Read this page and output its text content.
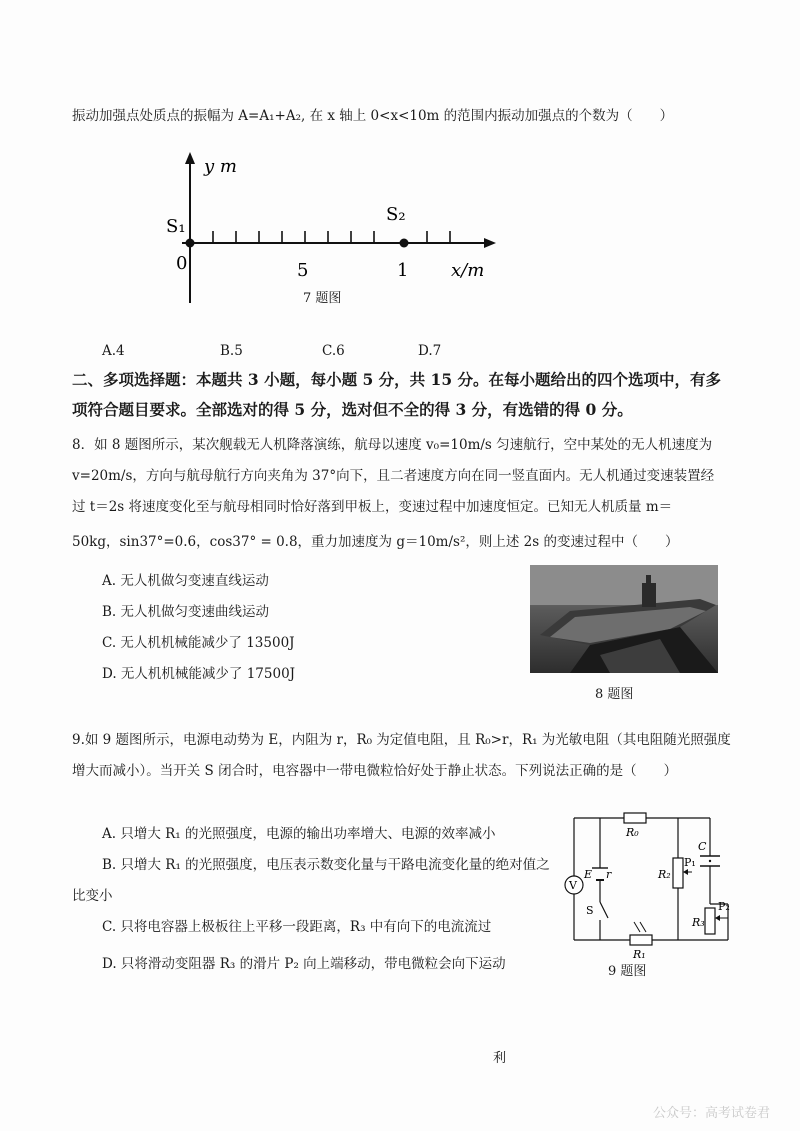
振动加强点处质点的振幅为 A=A₁+A₂, 在 x 轴上 0<x<10m 的范围内振动加强点的个数为（　　）
y m
S₁
S₂
0	5	1 x/m
7 题图
A.4	B.5	C.6	D.7
二、多项选择题：本题共 3 小题，每小题 5 分，共 15 分。在每小题给出的四个选项中，有多
项符合题目要求。全部选对的得 5 分，选对但不全的得 3 分，有选错的得 0 分。
8．如 8 题图所示，某次舰载无人机降落演练，航母以速度 v₀=10m/s 匀速航行，空中某处的无人机速度为
v=20m/s，方向与航母航行方向夹角为 37°向下，且二者速度方向在同一竖直面内。无人机通过变速装置经
过 t＝2s 将速度变化至与航母相同时恰好落到甲板上，变速过程中加速度恒定。已知无人机质量 m＝
50kg，sin37°=0.6，cos37° = 0.8，重力加速度为 g＝10m/s²，则上述 2s 的变速过程中（　　）
A. 无人机做匀变速直线运动
B. 无人机做匀变速曲线运动
C. 无人机机械能减少了 13500J
D. 无人机机械能减少了 17500J
8 题图
9.如 9 题图所示，电源电动势为 E，内阻为 r，R₀ 为定值电阻，且 R₀>r，R₁ 为光敏电阻（其电阻随光照强度
增大而减小）。当开关 S 闭合时，电容器中一带电微粒恰好处于静止状态。下列说法正确的是（　　）
A. 只增大 R₁ 的光照强度，电源的输出功率增大、电源的效率减小
B. 只增大 R₁ 的光照强度，电压表示数变化量与干路电流变化量的绝对值之
比变小
C. 只将电容器上极板往上平移一段距离，R₃ 中有向下的电流流过
D. 只将滑动变阻器 R₃ 的滑片 P₂ 向上端移动，带电微粒会向下运动
V
R₀
R₁
R₂
R₃
P₁
P₂
C
E r
S
9 题图
利
公众号：高考试卷君
